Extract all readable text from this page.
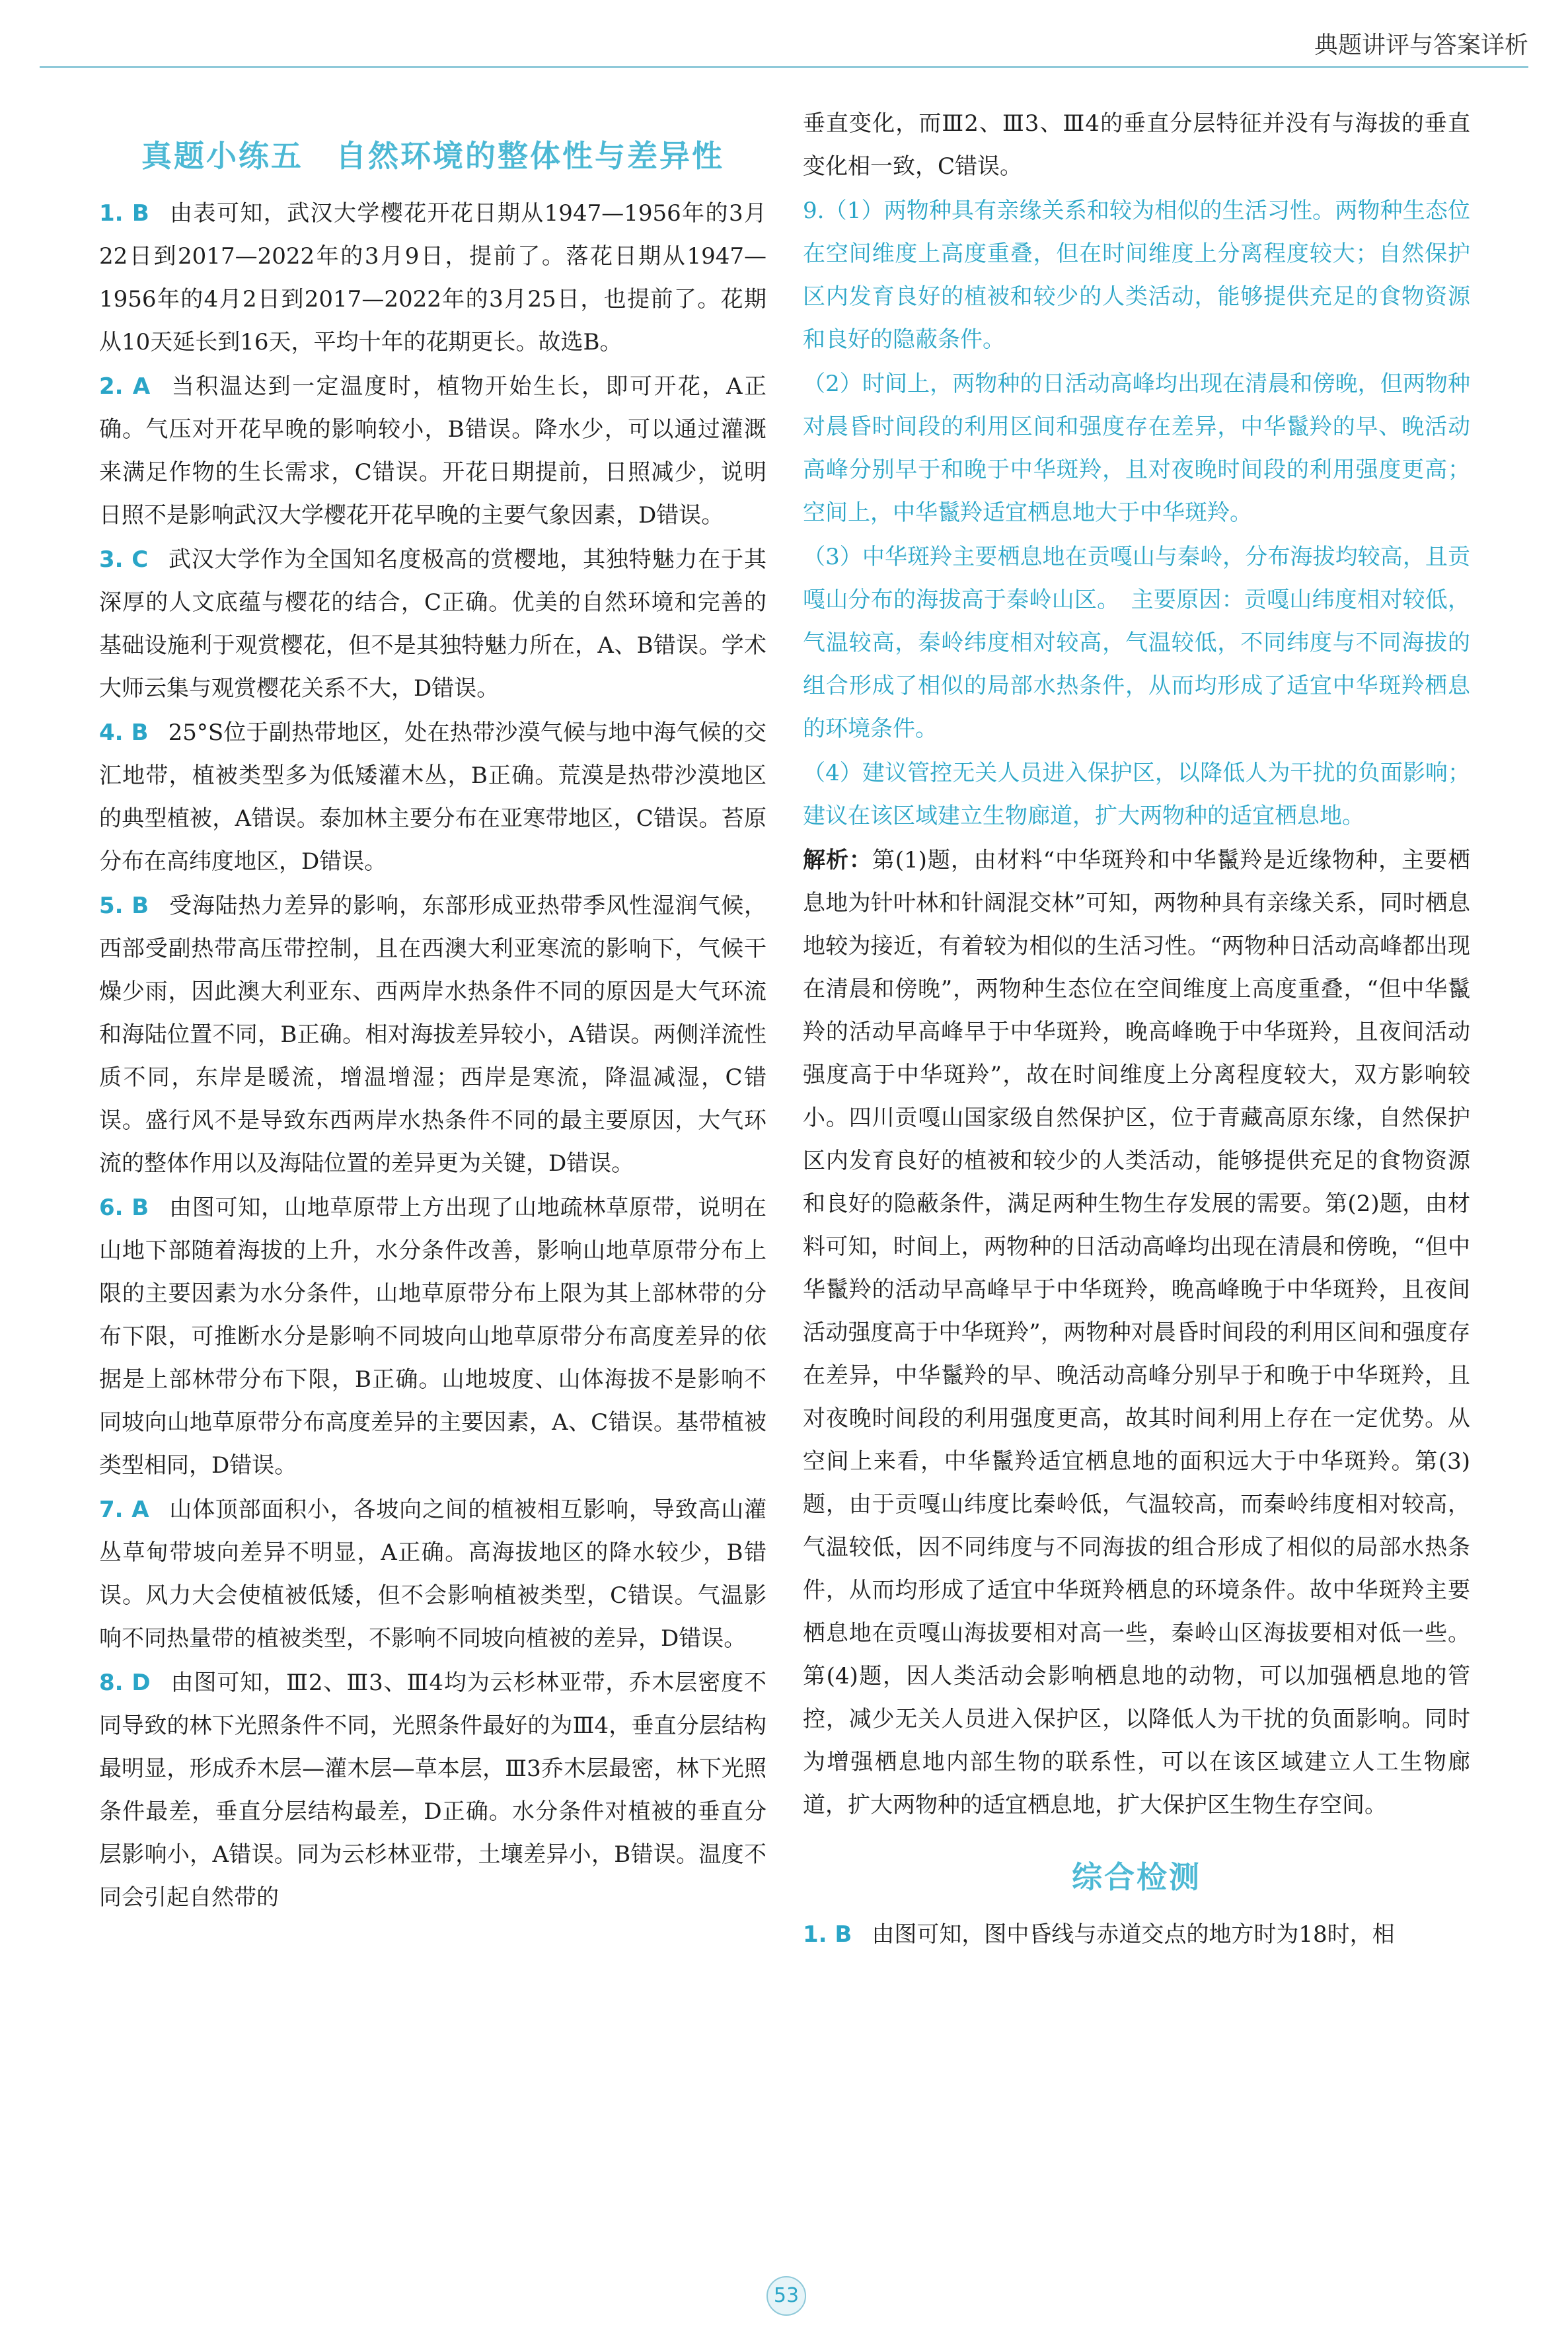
典题讲评与答案详析
真题小练五　自然环境的整体性与差异性

1. B 由表可知，武汉大学樱花开花日期从1947—1956年的3月22日到2017—2022年的3月9日，提前了。落花日期从1947—1956年的4月2日到2017—2022年的3月25日，也提前了。花期从10天延长到16天，平均十年的花期更长。故选B。

2. A 当积温达到一定温度时，植物开始生长，即可开花，A正确。气压对开花早晚的影响较小，B错误。降水少，可以通过灌溉来满足作物的生长需求，C错误。开花日期提前，日照减少，说明日照不是影响武汉大学樱花开花早晚的主要气象因素，D错误。

3. C 武汉大学作为全国知名度极高的赏樱地，其独特魅力在于其深厚的人文底蕴与樱花的结合，C正确。优美的自然环境和完善的基础设施利于观赏樱花，但不是其独特魅力所在，A、B错误。学术大师云集与观赏樱花关系不大，D错误。

4. B 25°S位于副热带地区，处在热带沙漠气候与地中海气候的交汇地带，植被类型多为低矮灌木丛，B正确。荒漠是热带沙漠地区的典型植被，A错误。泰加林主要分布在亚寒带地区，C错误。苔原分布在高纬度地区，D错误。

5. B 受海陆热力差异的影响，东部形成亚热带季风性湿润气候，西部受副热带高压带控制，且在西澳大利亚寒流的影响下，气候干燥少雨，因此澳大利亚东、西两岸水热条件不同的原因是大气环流和海陆位置不同，B正确。相对海拔差异较小，A错误。两侧洋流性质不同，东岸是暖流，增温增湿；西岸是寒流，降温减湿，C错误。盛行风不是导致东西两岸水热条件不同的最主要原因，大气环流的整体作用以及海陆位置的差异更为关键，D错误。

6. B 由图可知，山地草原带上方出现了山地疏林草原带，说明在山地下部随着海拔的上升，水分条件改善，影响山地草原带分布上限的主要因素为水分条件，山地草原带分布上限为其上部林带的分布下限，可推断水分是影响不同坡向山地草原带分布高度差异的依据是上部林带分布下限，B正确。山地坡度、山体海拔不是影响不同坡向山地草原带分布高度差异的主要因素，A、C错误。基带植被类型相同，D错误。

7. A 山体顶部面积小，各坡向之间的植被相互影响，导致高山灌丛草甸带坡向差异不明显，A正确。高海拔地区的降水较少，B错误。风力大会使植被低矮，但不会影响植被类型，C错误。气温影响不同热量带的植被类型，不影响不同坡向植被的差异，D错误。

8. D 由图可知，Ⅲ2、Ⅲ3、Ⅲ4均为云杉林亚带，乔木层密度不同导致的林下光照条件不同，光照条件最好的为Ⅲ4，垂直分层结构最明显，形成乔木层—灌木层—草本层，Ⅲ3乔木层最密，林下光照条件最差，垂直分层结构最差，D正确。水分条件对植被的垂直分层影响小，A错误。同为云杉林亚带，土壤差异小，B错误。温度不同会引起自然带的

垂直变化，而Ⅲ2、Ⅲ3、Ⅲ4的垂直分层特征并没有与海拔的垂直变化相一致，C错误。

9.（1）两物种具有亲缘关系和较为相似的生活习性。两物种生态位在空间维度上高度重叠，但在时间维度上分离程度较大；自然保护区内发育良好的植被和较少的人类活动，能够提供充足的食物资源和良好的隐蔽条件。

（2）时间上，两物种的日活动高峰均出现在清晨和傍晚，但两物种对晨昏时间段的利用区间和强度存在差异，中华鬣羚的早、晚活动高峰分别早于和晚于中华斑羚，且对夜晚时间段的利用强度更高；空间上，中华鬣羚适宜栖息地大于中华斑羚。

（3）中华斑羚主要栖息地在贡嘎山与秦岭，分布海拔均较高，且贡嘎山分布的海拔高于秦岭山区。　主要原因：贡嘎山纬度相对较低，气温较高，秦岭纬度相对较高，气温较低，不同纬度与不同海拔的组合形成了相似的局部水热条件，从而均形成了适宜中华斑羚栖息的环境条件。

（4）建议管控无关人员进入保护区，以降低人为干扰的负面影响；建议在该区域建立生物廊道，扩大两物种的适宜栖息地。

解析：第(1)题，由材料“中华斑羚和中华鬣羚是近缘物种，主要栖息地为针叶林和针阔混交林”可知，两物种具有亲缘关系，同时栖息地较为接近，有着较为相似的生活习性。“两物种日活动高峰都出现在清晨和傍晚”，两物种生态位在空间维度上高度重叠，“但中华鬣羚的活动早高峰早于中华斑羚，晚高峰晚于中华斑羚，且夜间活动强度高于中华斑羚”，故在时间维度上分离程度较大，双方影响较小。四川贡嘎山国家级自然保护区，位于青藏高原东缘，自然保护区内发育良好的植被和较少的人类活动，能够提供充足的食物资源和良好的隐蔽条件，满足两种生物生存发展的需要。第(2)题，由材料可知，时间上，两物种的日活动高峰均出现在清晨和傍晚，“但中华鬣羚的活动早高峰早于中华斑羚，晚高峰晚于中华斑羚，且夜间活动强度高于中华斑羚”，两物种对晨昏时间段的利用区间和强度存在差异，中华鬣羚的早、晚活动高峰分别早于和晚于中华斑羚，且对夜晚时间段的利用强度更高，故其时间利用上存在一定优势。从空间上来看，中华鬣羚适宜栖息地的面积远大于中华斑羚。第(3)题，由于贡嘎山纬度比秦岭低，气温较高，而秦岭纬度相对较高，气温较低，因不同纬度与不同海拔的组合形成了相似的局部水热条件，从而均形成了适宜中华斑羚栖息的环境条件。故中华斑羚主要栖息地在贡嘎山海拔要相对高一些，秦岭山区海拔要相对低一些。第(4)题，因人类活动会影响栖息地的动物，可以加强栖息地的管控，减少无关人员进入保护区，以降低人为干扰的负面影响。同时为增强栖息地内部生物的联系性，可以在该区域建立人工生物廊道，扩大两物种的适宜栖息地，扩大保护区生物生存空间。

综合检测

1. B 由图可知，图中昏线与赤道交点的地方时为18时，相

53
